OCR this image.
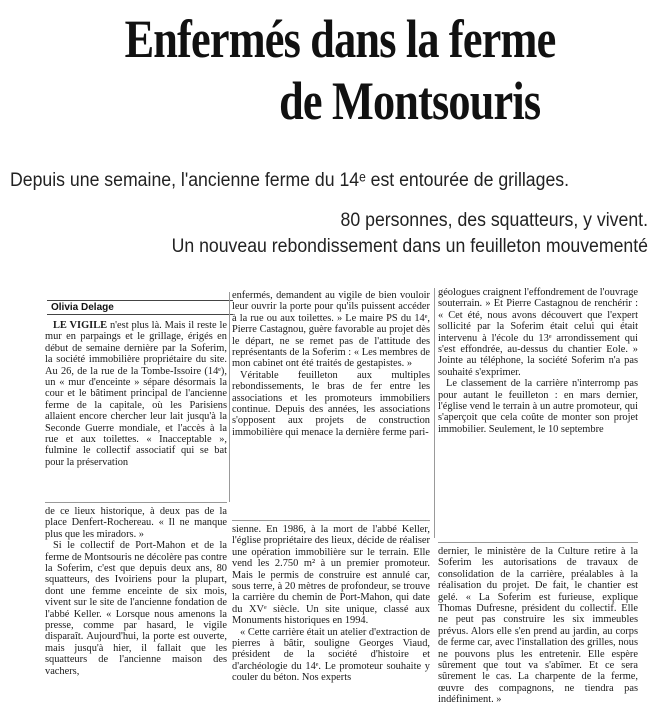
Enfermés dans la ferme
de Montsouris
Depuis une semaine, l'ancienne ferme du 14ᵉ est entourée de grillages.
80 personnes, des squatteurs, y vivent.
Un nouveau rebondissement dans un feuilleton mouvementé
Olivia Delage

LE VIGILE n'est plus là. Mais il reste le mur en parpaings et le grillage, érigés en début de semaine dernière par la Soferim, la société immobilière propriétaire du site. Au 26, de la rue de la Tombe-Issoire (14ᵉ), un « mur d'enceinte » sépare désormais la cour et le bâtiment principal de l'ancienne ferme de la capitale, où les Parisiens allaient encore chercher leur lait jusqu'à la Seconde Guerre mondiale, et l'accès à la rue et aux toilettes. « Inacceptable », fulmine le collectif associatif qui se bat pour la préservation

enfermés, demandent au vigile de bien vouloir leur ouvrir la porte pour qu'ils puissent accéder à la rue ou aux toilettes. » Le maire PS du 14ᵉ, Pierre Castagnou, guère favorable au projet dès le départ, ne se remet pas de l'attitude des représentants de la Soferim : « Les membres de mon cabinet ont été traités de gestapistes. »

Véritable feuilleton aux multiples rebondissements, le bras de fer entre les associations et les promoteurs immobiliers continue. Depuis des années, les associations s'opposent aux projets de construction immobilière qui menace la dernière ferme pari-

géologues craignent l'effondrement de l'ouvrage souterrain. » Et Pierre Castagnou de renchérir : « Cet été, nous avons découvert que l'expert sollicité par la Soferim était celui qui était intervenu à l'école du 13ᵉ arrondissement qui s'est effondrée, au-dessus du chantier Eole. » Jointe au téléphone, la société Soferim n'a pas souhaité s'exprimer.

Le classement de la carrière n'interromp pas pour autant le feuilleton : en mars dernier, l'église vend le terrain à un autre promoteur, qui s'aperçoit que cela coûte de monter son projet immobilier. Seulement, le 10 septembre

de ce lieux historique, à deux pas de la place Denfert-Rochereau. « Il ne manque plus que les miradors. »

Si le collectif de Port-Mahon et de la ferme de Montsouris ne décolère pas contre la Soferim, c'est que depuis deux ans, 80 squatteurs, des Ivoiriens pour la plupart, dont une femme enceinte de six mois, vivent sur le site de l'ancienne fondation de l'abbé Keller. « Lorsque nous amenons la presse, comme par hasard, le vigile disparaît. Aujourd'hui, la porte est ouverte, mais jusqu'à hier, il fallait que les squatteurs de l'ancienne maison des vachers,

sienne. En 1986, à la mort de l'abbé Keller, l'église propriétaire des lieux, décide de réaliser une opération immobilière sur le terrain. Elle vend les 2.750 m² à un premier promoteur. Mais le permis de construire est annulé car, sous terre, à 20 mètres de profondeur, se trouve la carrière du chemin de Port-Mahon, qui date du XVᵉ siècle. Un site unique, classé aux Monuments historiques en 1994.

« Cette carrière était un atelier d'extraction de pierres à bâtir, souligne Georges Viaud, président de la société d'histoire et d'archéologie du 14ᵉ. Le promoteur souhaite y couler du béton. Nos experts

dernier, le ministère de la Culture retire à la Soferim les autorisations de travaux de consolidation de la carrière, préalables à la réalisation du projet. De fait, le chantier est gelé. « La Soferim est furieuse, explique Thomas Dufresne, président du collectif. Elle ne peut pas construire les six immeubles prévus. Alors elle s'en prend au jardin, au corps de ferme car, avec l'installation des grilles, nous ne pouvons plus les entretenir. Elle espère sûrement que tout va s'abîmer. Et ce sera sûrement le cas. La charpente de la ferme, œuvre des compagnons, ne tiendra pas indéfiniment. »
